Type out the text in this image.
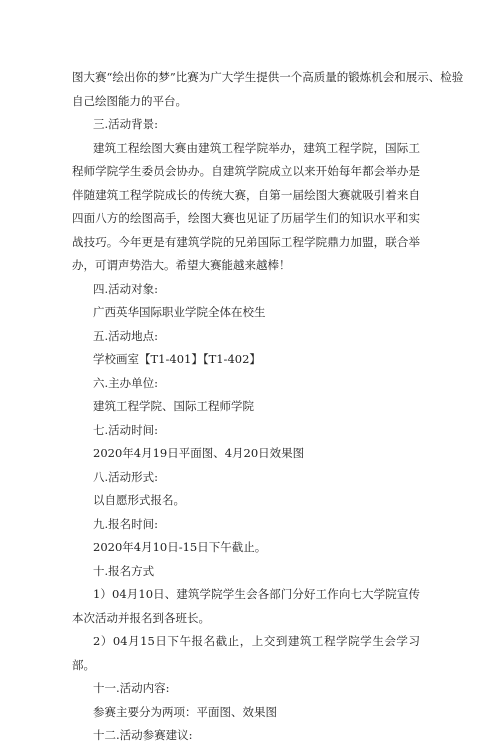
图大赛“绘出你的梦”比赛为广大学生提供一个高质量的锻炼机会和展示、检验

自己绘图能力的平台。

三.活动背景:

建筑工程绘图大赛由建筑工程学院举办，建筑工程学院，国际工程师学院学生委员会协办。自建筑学院成立以来开始每年都会举办是伴随建筑工程学院成长的传统大赛，自第一届绘图大赛就吸引着来自四面八方的绘图高手，绘图大赛也见证了历届学生们的知识水平和实战技巧。今年更是有建筑学院的兄弟国际工程学院鼎力加盟，联合举办，可谓声势浩大。希望大赛能越来越棒！

四.活动对象:

广西英华国际职业学院全体在校生

五.活动地点:

学校画室【T1-401】【T1-402】

六.主办单位:

建筑工程学院、国际工程师学院

七.活动时间:

2020年4月19日平面图、4月20日效果图

八.活动形式:

以自愿形式报名。

九.报名时间:

2020年4月10日-15日下午截止。

十.报名方式

1）04月10日、建筑学院学生会各部门分好工作向七大学院宣传本次活动并报名到各班长。

2）04月15日下午报名截止，上交到建筑工程学院学生会学习部。

十一.活动内容:

参赛主要分为两项：平面图、效果图

十二.活动参赛建议:
